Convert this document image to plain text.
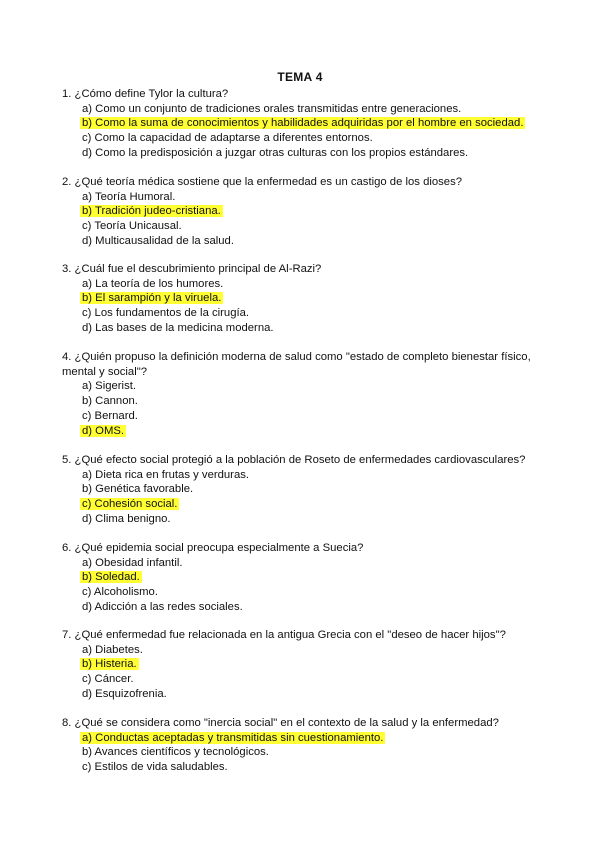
TEMA 4
1. ¿Cómo define Tylor la cultura?
a) Como un conjunto de tradiciones orales transmitidas entre generaciones.
b) Como la suma de conocimientos y habilidades adquiridas por el hombre en sociedad.
c) Como la capacidad de adaptarse a diferentes entornos.
d) Como la predisposición a juzgar otras culturas con los propios estándares.
2. ¿Qué teoría médica sostiene que la enfermedad es un castigo de los dioses?
a) Teoría Humoral.
b) Tradición judeo-cristiana.
c) Teoría Unicausal.
d) Multicausalidad de la salud.
3. ¿Cuál fue el descubrimiento principal de Al-Razi?
a) La teoría de los humores.
b) El sarampión y la viruela.
c) Los fundamentos de la cirugía.
d) Las bases de la medicina moderna.
4. ¿Quién propuso la definición moderna de salud como "estado de completo bienestar físico, mental y social"?
a) Sigerist.
b) Cannon.
c) Bernard.
d) OMS.
5. ¿Qué efecto social protegió a la población de Roseto de enfermedades cardiovasculares?
a) Dieta rica en frutas y verduras.
b) Genética favorable.
c) Cohesión social.
d) Clima benigno.
6. ¿Qué epidemia social preocupa especialmente a Suecia?
a) Obesidad infantil.
b) Soledad.
c) Alcoholismo.
d) Adicción a las redes sociales.
7. ¿Qué enfermedad fue relacionada en la antigua Grecia con el "deseo de hacer hijos"?
a) Diabetes.
b) Histeria.
c) Cáncer.
d) Esquizofrenia.
8. ¿Qué se considera como "inercia social" en el contexto de la salud y la enfermedad?
a) Conductas aceptadas y transmitidas sin cuestionamiento.
b) Avances científicos y tecnológicos.
c) Estilos de vida saludables.
